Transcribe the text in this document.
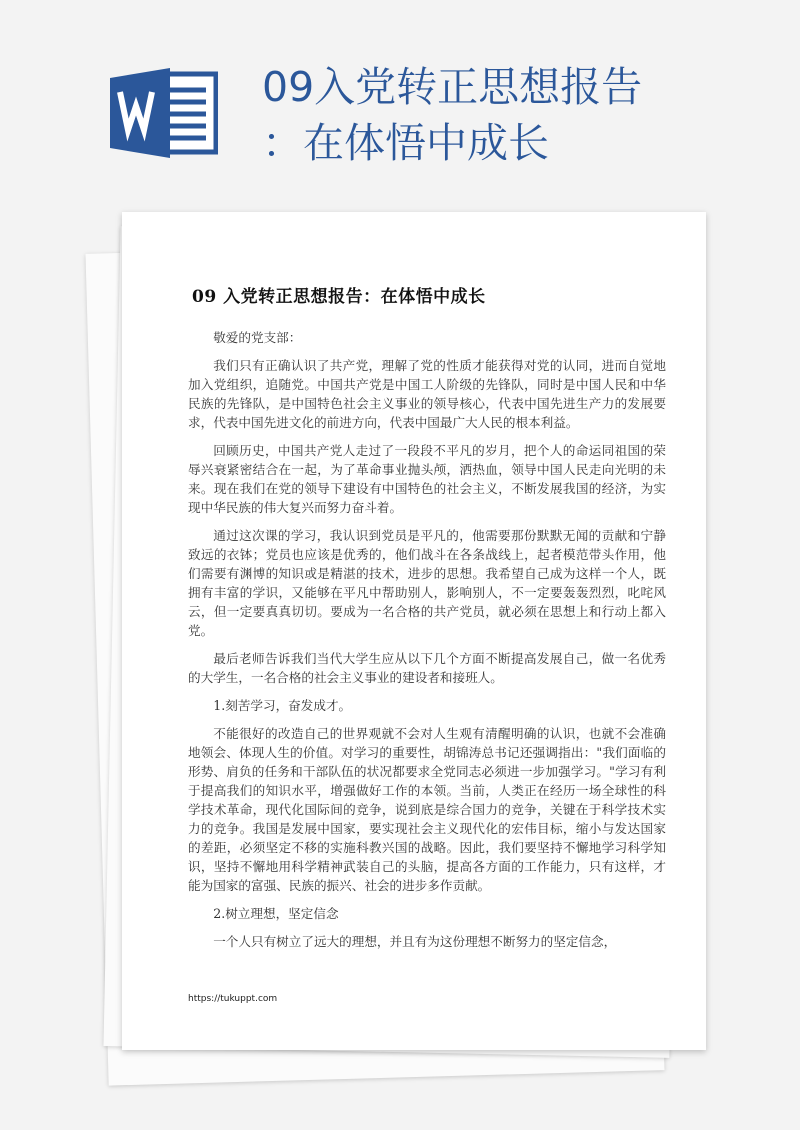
09入党转正思想报告
：在体悟中成长
09 入党转正思想报告：在体悟中成长

敬爱的党支部：

我们只有正确认识了共产党，理解了党的性质才能获得对党的认同，进而自觉地加入党组织，追随党。中国共产党是中国工人阶级的先锋队，同时是中国人民和中华民族的先锋队，是中国特色社会主义事业的领导核心，代表中国先进生产力的发展要求，代表中国先进文化的前进方向，代表中国最广大人民的根本利益。

回顾历史，中国共产党人走过了一段段不平凡的岁月，把个人的命运同祖国的荣辱兴衰紧密结合在一起，为了革命事业抛头颅，洒热血，领导中国人民走向光明的未来。现在我们在党的领导下建设有中国特色的社会主义，不断发展我国的经济，为实现中华民族的伟大复兴而努力奋斗着。

通过这次课的学习，我认识到党员是平凡的，他需要那份默默无闻的贡献和宁静致远的衣钵；党员也应该是优秀的，他们战斗在各条战线上，起者模范带头作用，他们需要有渊博的知识或是精湛的技术，进步的思想。我希望自己成为这样一个人，既拥有丰富的学识，又能够在平凡中帮助别人，影响别人，不一定要轰轰烈烈，叱咤风云，但一定要真真切切。要成为一名合格的共产党员，就必须在思想上和行动上都入党。

最后老师告诉我们当代大学生应从以下几个方面不断提高发展自己，做一名优秀的大学生，一名合格的社会主义事业的建设者和接班人。

1.刻苦学习，奋发成才。

不能很好的改造自己的世界观就不会对人生观有清醒明确的认识，也就不会准确地领会、体现人生的价值。对学习的重要性，胡锦涛总书记还强调指出："我们面临的形势、肩负的任务和干部队伍的状况都要求全党同志必须进一步加强学习。"学习有利于提高我们的知识水平，增强做好工作的本领。当前，人类正在经历一场全球性的科学技术革命，现代化国际间的竞争，说到底是综合国力的竞争，关键在于科学技术实力的竞争。我国是发展中国家，要实现社会主义现代化的宏伟目标，缩小与发达国家的差距，必须坚定不移的实施科教兴国的战略。因此，我们要坚持不懈地学习科学知识，坚持不懈地用科学精神武装自己的头脑，提高各方面的工作能力，只有这样，才能为国家的富强、民族的振兴、社会的进步多作贡献。

2.树立理想，坚定信念

一个人只有树立了远大的理想，并且有为这份理想不断努力的坚定信念，

https://tukuppt.com
